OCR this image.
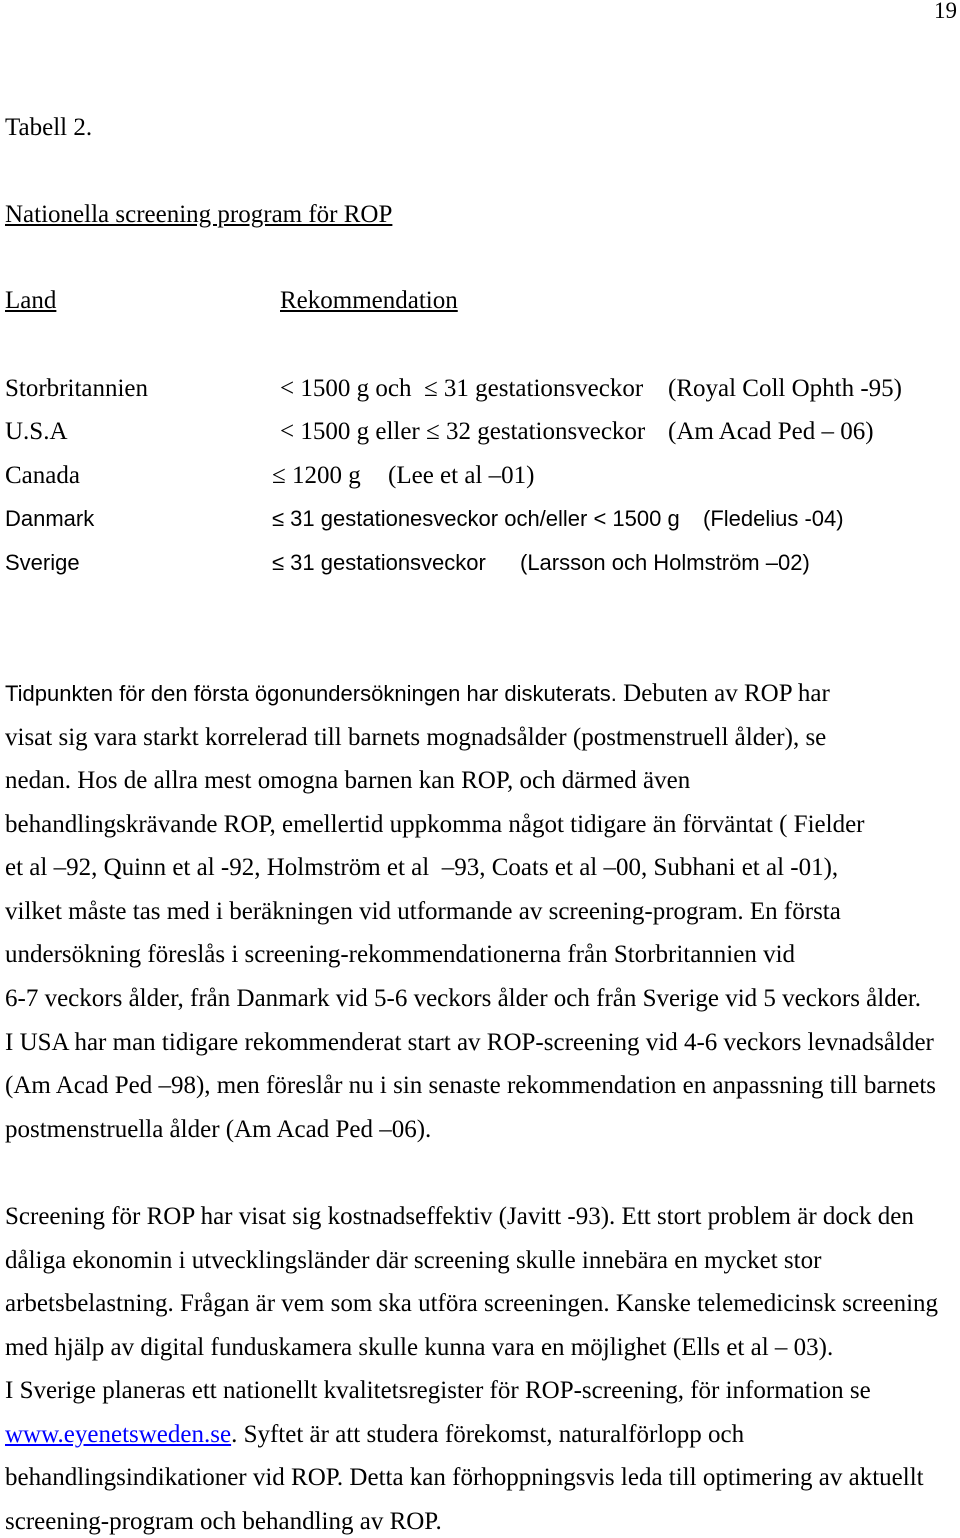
19
Tabell 2.
Nationella screening program för ROP
Land	Rekommendation
Storbritannien	< 1500 g och  ≤ 31 gestationsveckor (Royal Coll Ophth -95)
U.S.A	< 1500 g eller ≤ 32 gestationsveckor (Am Acad Ped – 06)
Canada	≤ 1200 g (Lee et al –01)
Danmark	≤ 31 gestationesveckor och/eller < 1500 g (Fledelius -04)
Sverige	≤ 31 gestationsveckor (Larsson och Holmström –02)
Tidpunkten för den första ögonundersökningen har diskuterats. Debuten av ROP har
visat sig vara starkt korrelerad till barnets mognadsålder (postmenstruell ålder), se
nedan. Hos de allra mest omogna barnen kan ROP, och därmed även
behandlingskrävande ROP, emellertid uppkomma något tidigare än förväntat ( Fielder
et al –92, Quinn et al -92, Holmström et al  –93, Coats et al –00, Subhani et al -01),
vilket måste tas med i beräkningen vid utformande av screening-program. En första
undersökning föreslås i screening-rekommendationerna från Storbritannien vid
6-7 veckors ålder, från Danmark vid 5-6 veckors ålder och från Sverige vid 5 veckors ålder.
I USA har man tidigare rekommenderat start av ROP-screening vid 4-6 veckors levnadsålder
(Am Acad Ped –98), men föreslår nu i sin senaste rekommendation en anpassning till barnets
postmenstruella ålder (Am Acad Ped –06).
Screening för ROP har visat sig kostnadseffektiv (Javitt -93). Ett stort problem är dock den
dåliga ekonomin i utvecklingsländer där screening skulle innebära en mycket stor
arbetsbelastning. Frågan är vem som ska utföra screeningen. Kanske telemedicinsk screening
med hjälp av digital funduskamera skulle kunna vara en möjlighet (Ells et al – 03).
I Sverige planeras ett nationellt kvalitetsregister för ROP-screening, för information se
www.eyenetsweden.se. Syftet är att studera förekomst, naturalförlopp och
behandlingsindikationer vid ROP. Detta kan förhoppningsvis leda till optimering av aktuellt
screening-program och behandling av ROP.
